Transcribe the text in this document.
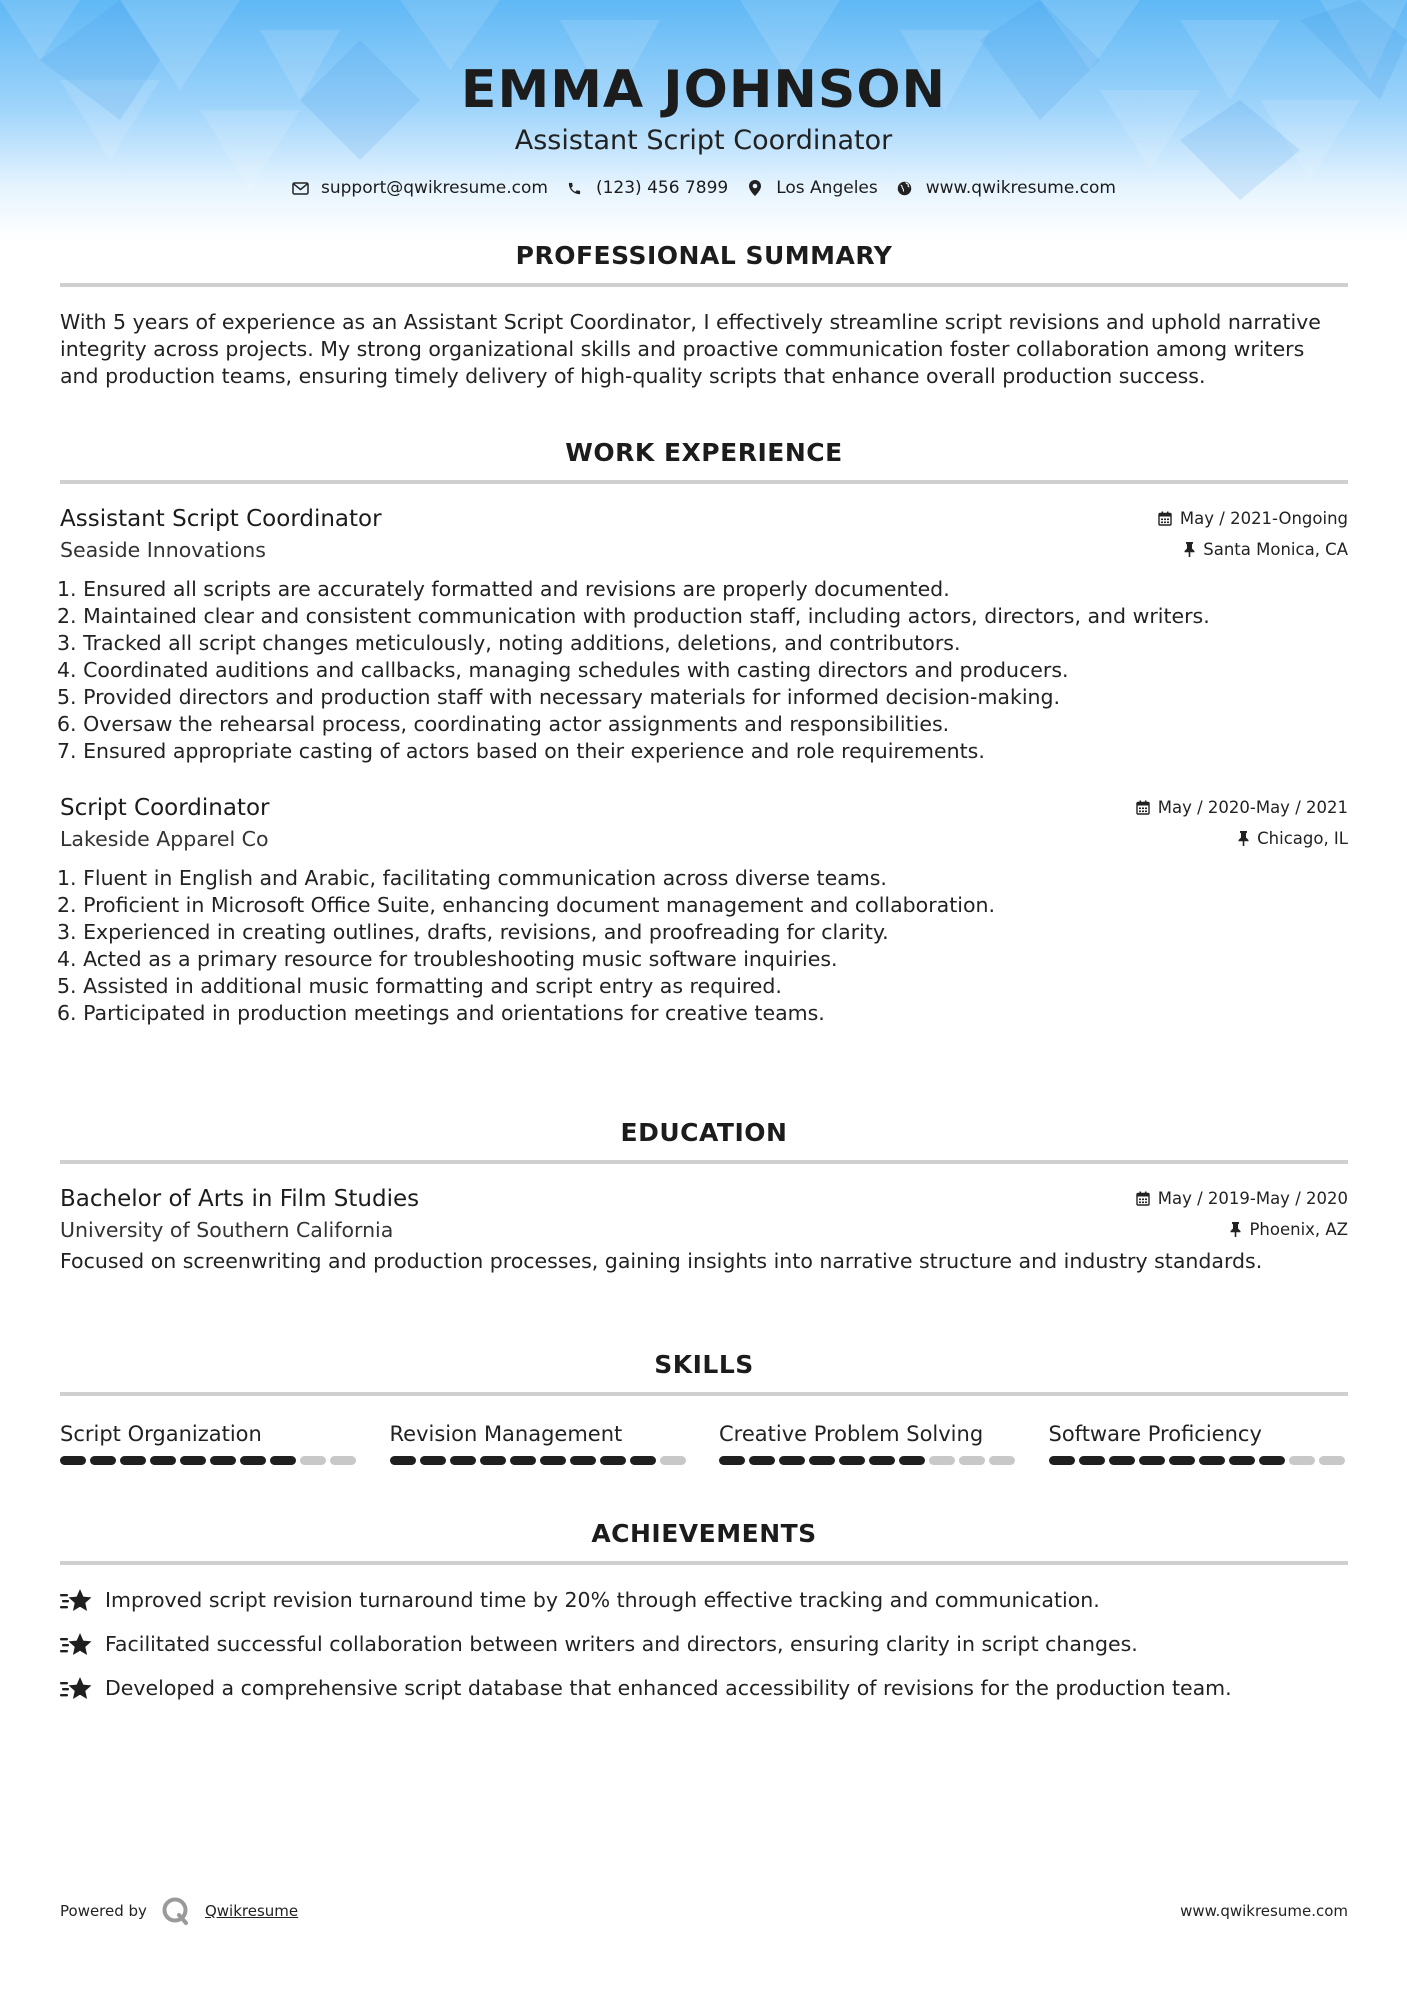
EMMA JOHNSON
Assistant Script Coordinator
support@qwikresume.com	(123) 456 7899	Los Angeles	www.qwikresume.com
PROFESSIONAL SUMMARY

With 5 years of experience as an Assistant Script Coordinator, I effectively streamline script revisions and uphold narrative integrity across projects. My strong organizational skills and proactive communication foster collaboration among writers and production teams, ensuring timely delivery of high-quality scripts that enhance overall production success.

WORK EXPERIENCE
Assistant Script Coordinator	May / 2021-Ongoing
Seaside Innovations	Santa Monica, CA
1. Ensured all scripts are accurately formatted and revisions are properly documented.
2. Maintained clear and consistent communication with production staff, including actors, directors, and writers.
3. Tracked all script changes meticulously, noting additions, deletions, and contributors.
4. Coordinated auditions and callbacks, managing schedules with casting directors and producers.
5. Provided directors and production staff with necessary materials for informed decision-making.
6. Oversaw the rehearsal process, coordinating actor assignments and responsibilities.
7. Ensured appropriate casting of actors based on their experience and role requirements.
Script Coordinator	May / 2020-May / 2021
Lakeside Apparel Co	Chicago, IL
1. Fluent in English and Arabic, facilitating communication across diverse teams.
2. Proficient in Microsoft Office Suite, enhancing document management and collaboration.
3. Experienced in creating outlines, drafts, revisions, and proofreading for clarity.
4. Acted as a primary resource for troubleshooting music software inquiries.
5. Assisted in additional music formatting and script entry as required.
6. Participated in production meetings and orientations for creative teams.
EDUCATION
Bachelor of Arts in Film Studies	May / 2019-May / 2020
University of Southern California	Phoenix, AZ

Focused on screenwriting and production processes, gaining insights into narrative structure and industry standards.

SKILLS
Script Organization	Revision Management	Creative Problem Solving	Software Proficiency
ACHIEVEMENTS
Improved script revision turnaround time by 20% through effective tracking and communication.
Facilitated successful collaboration between writers and directors, ensuring clarity in script changes.
Developed a comprehensive script database that enhanced accessibility of revisions for the production team.
Powered by	Qwikresume	www.qwikresume.com
